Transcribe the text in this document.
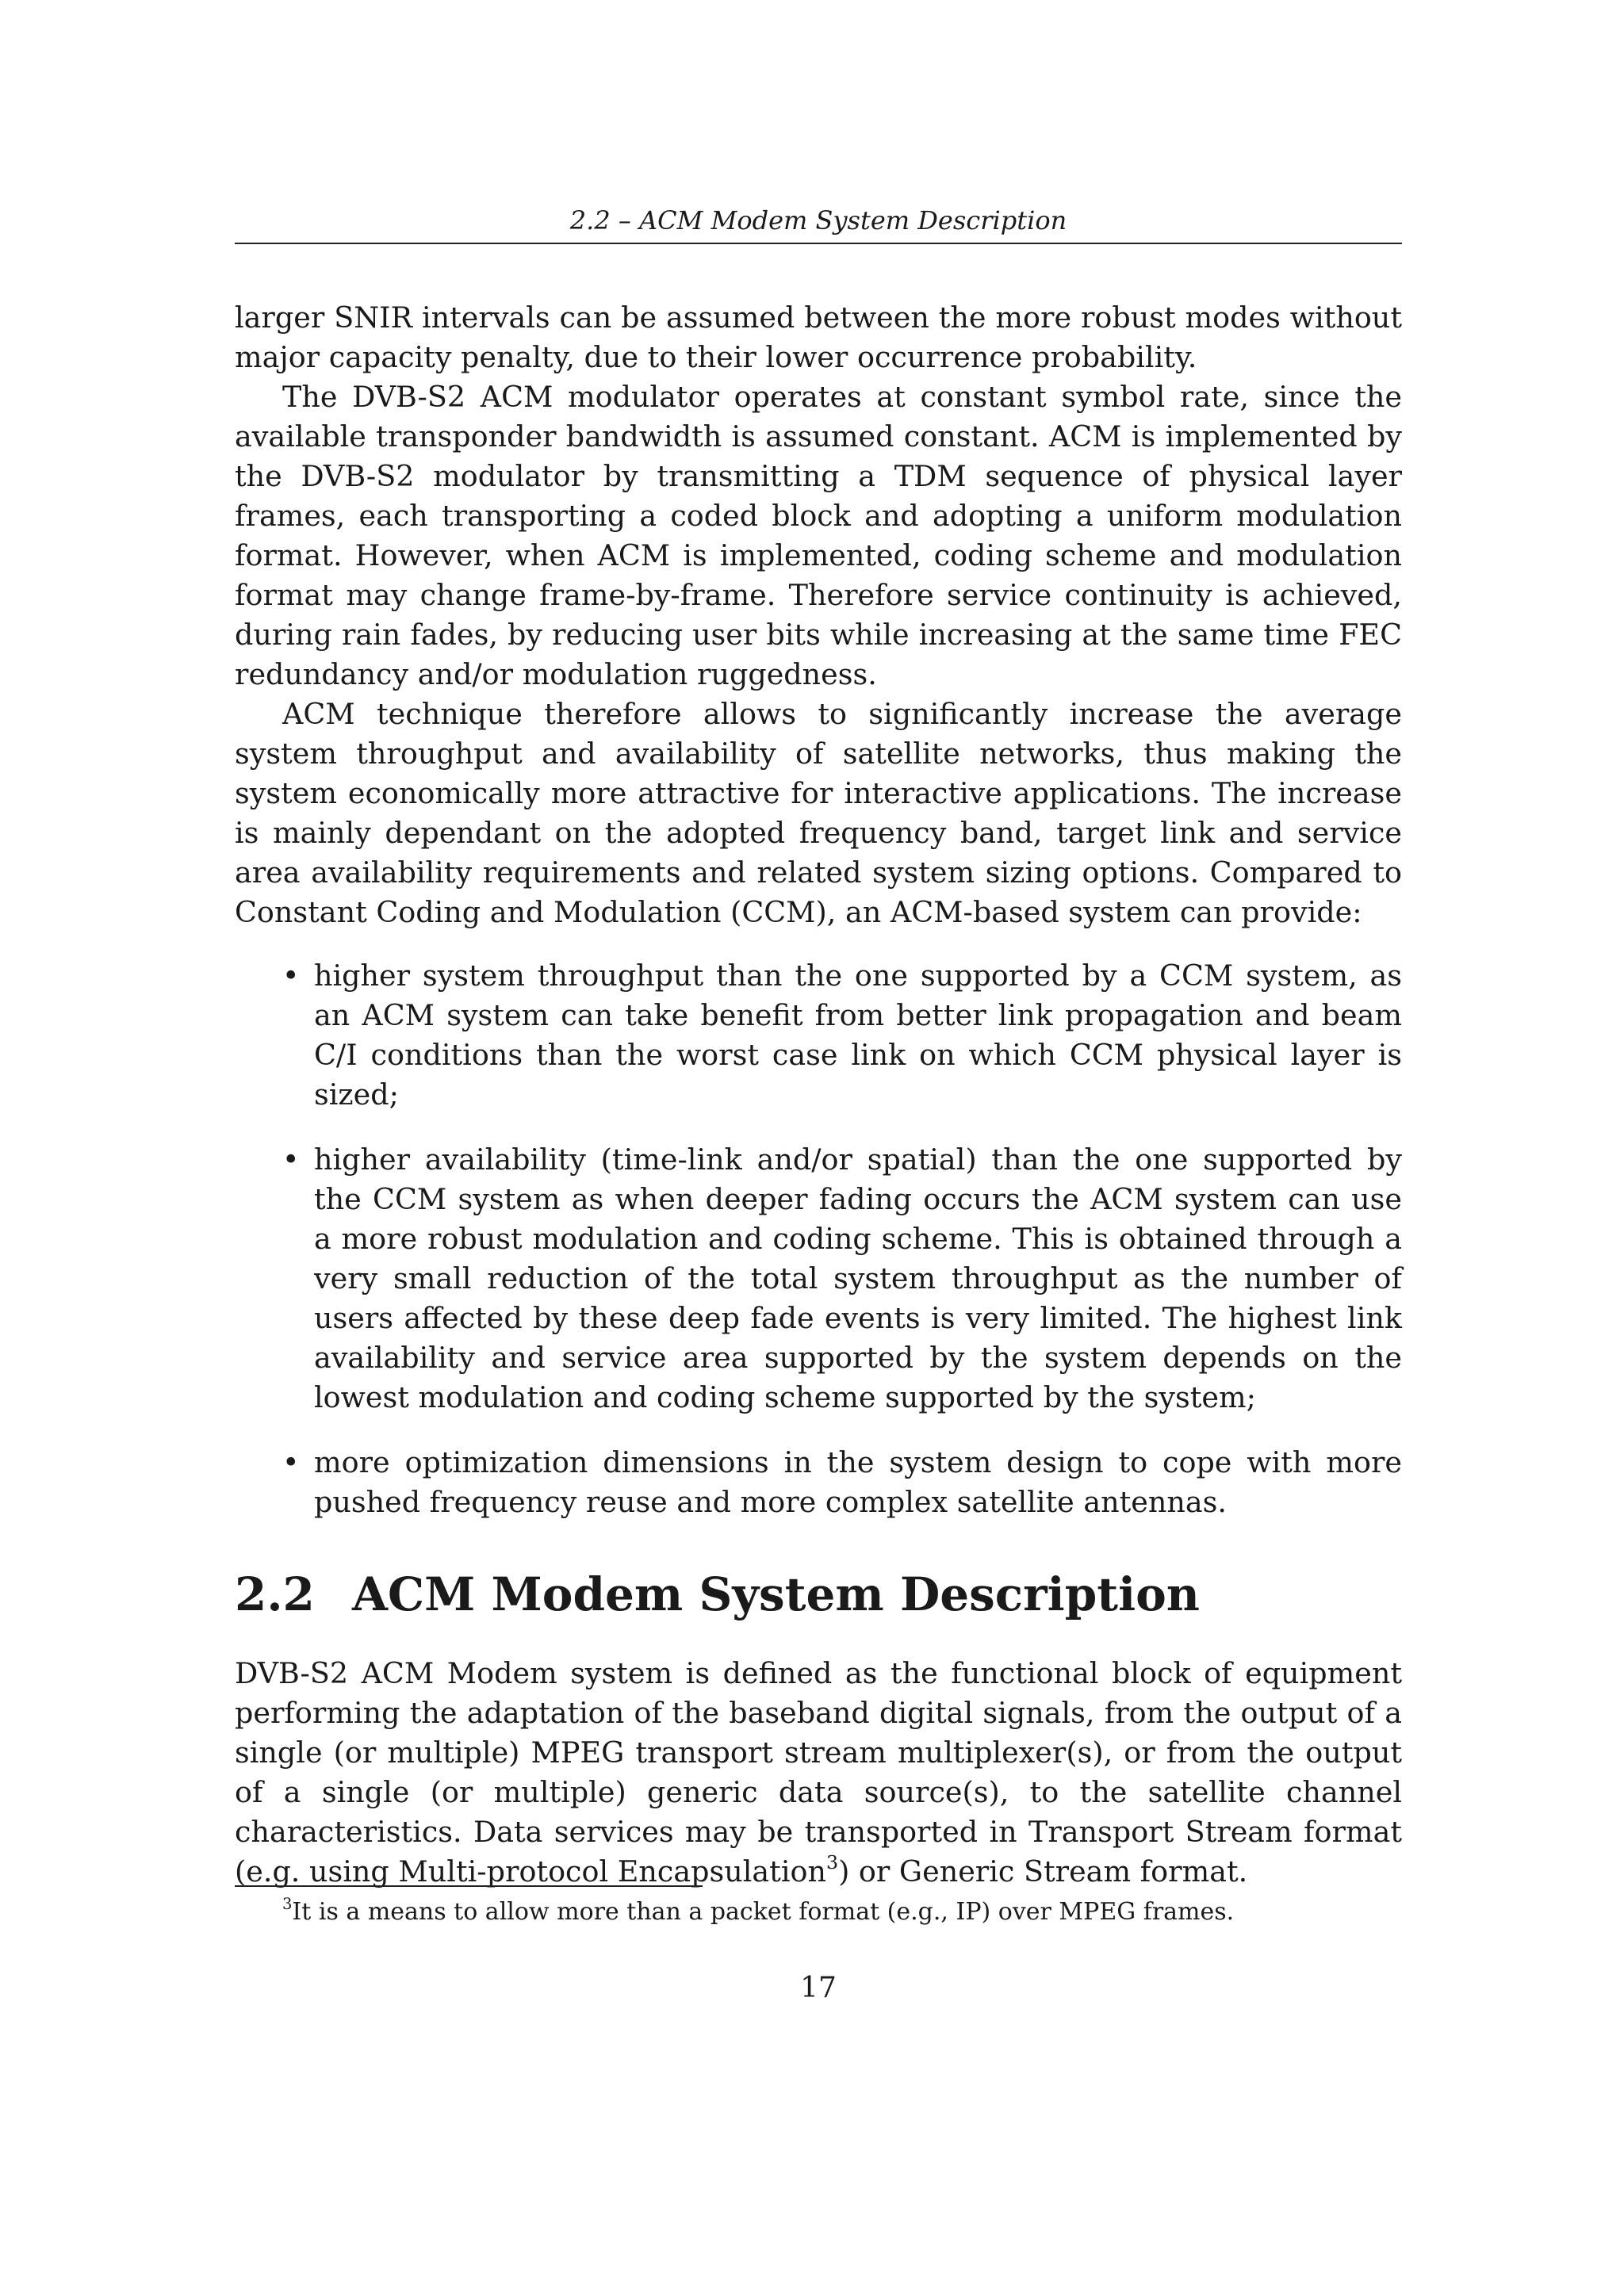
2.2 – ACM Modem System Description

larger SNIR intervals can be assumed between the more robust modes without major capacity penalty, due to their lower occurrence probability.

The DVB-S2 ACM modulator operates at constant symbol rate, since the available transponder bandwidth is assumed constant. ACM is implemented by the DVB-S2 modulator by transmitting a TDM sequence of physical layer frames, each transporting a coded block and adopting a uniform modulation format. However, when ACM is implemented, coding scheme and modulation format may change frame-by-frame. Therefore service continuity is achieved, during rain fades, by reducing user bits while increasing at the same time FEC redundancy and/or modulation ruggedness.

ACM technique therefore allows to significantly increase the average system throughput and availability of satellite networks, thus making the system economically more attractive for interactive applications. The increase is mainly dependant on the adopted frequency band, target link and service area availability requirements and related system sizing options. Compared to Constant Coding and Modulation (CCM), an ACM-based system can provide:

• higher system throughput than the one supported by a CCM system, as an ACM system can take benefit from better link propagation and beam C/I conditions than the worst case link on which CCM physical layer is sized;
• higher availability (time-link and/or spatial) than the one supported by the CCM system as when deeper fading occurs the ACM system can use a more robust modulation and coding scheme. This is obtained through a very small reduction of the total system throughput as the number of users affected by these deep fade events is very limited. The highest link availability and service area supported by the system depends on the lowest modulation and coding scheme supported by the system;
• more optimization dimensions in the system design to cope with more pushed frequency reuse and more complex satellite antennas.
2.2 ACM Modem System Description

DVB-S2 ACM Modem system is defined as the functional block of equipment performing the adaptation of the baseband digital signals, from the output of a single (or multiple) MPEG transport stream multiplexer(s), or from the output of a single (or multiple) generic data source(s), to the satellite channel characteristics. Data services may be transported in Transport Stream format (e.g. using Multi-protocol Encapsulation$^3$) or Generic Stream format.

$^3$It is a means to allow more than a packet format (e.g., IP) over MPEG frames.
17
